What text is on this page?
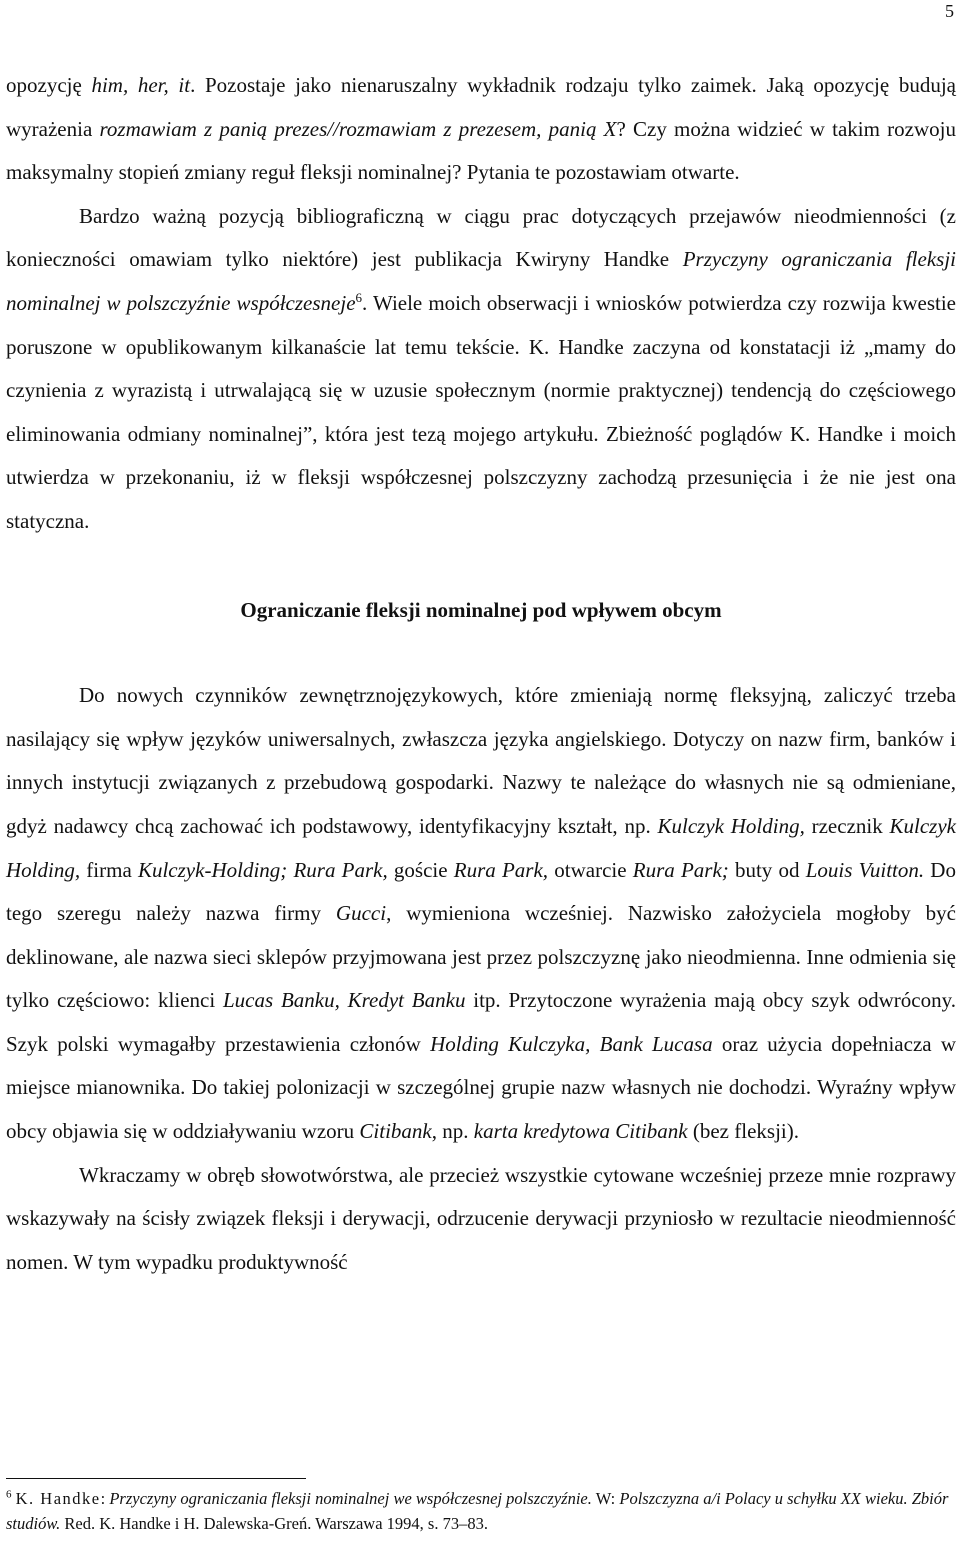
5

opozycję him, her, it. Pozostaje jako nienaruszalny wykładnik rodzaju tylko zaimek. Jaką opozycję budują wyrażenia rozmawiam z panią prezes//rozmawiam z prezesem, panią X? Czy można widzieć w takim rozwoju maksymalny stopień zmiany reguł fleksji nominalnej? Pytania te pozostawiam otwarte.

Bardzo ważną pozycją bibliograficzną w ciągu prac dotyczących przejawów nieodmienności (z konieczności omawiam tylko niektóre) jest publikacja Kwiryny Handke Przyczyny ograniczania fleksji nominalnej w polszczyźnie współczesneje$^6$. Wiele moich obserwacji i wniosków potwierdza czy rozwija kwestie poruszone w opublikowanym kilkanaście lat temu tekście. K. Handke zaczyna od konstatacji iż „mamy do czynienia z wyrazistą i utrwalającą się w uzusie społecznym (normie praktycznej) tendencją do częściowego eliminowania odmiany nominalnej”, która jest tezą mojego artykułu. Zbieżność poglądów K. Handke i moich utwierdza w przekonaniu, iż w fleksji współczesnej polszczyzny zachodzą przesunięcia i że nie jest ona statyczna.

Ograniczanie fleksji nominalnej pod wpływem obcym

Do nowych czynników zewnętrznojęzykowych, które zmieniają normę fleksyjną, zaliczyć trzeba nasilający się wpływ języków uniwersalnych, zwłaszcza języka angielskiego. Dotyczy on nazw firm, banków i innych instytucji związanych z przebudową gospodarki. Nazwy te należące do własnych nie są odmieniane, gdyż nadawcy chcą zachować ich podstawowy, identyfikacyjny kształt, np. Kulczyk Holding, rzecznik Kulczyk Holding, firma Kulczyk-Holding; Rura Park, goście Rura Park, otwarcie Rura Park; buty od Louis Vuitton. Do tego szeregu należy nazwa firmy Gucci, wymieniona wcześniej. Nazwisko założyciela mogłoby być deklinowane, ale nazwa sieci sklepów przyjmowana jest przez polszczyznę jako nieodmienna. Inne odmienia się tylko częściowo: klienci Lucas Banku, Kredyt Banku itp. Przytoczone wyrażenia mają obcy szyk odwrócony. Szyk polski wymagałby przestawienia członów Holding Kulczyka, Bank Lucasa oraz użycia dopełniacza w miejsce mianownika. Do takiej polonizacji w szczególnej grupie nazw własnych nie dochodzi. Wyraźny wpływ obcy objawia się w oddziaływaniu wzoru Citibank, np. karta kredytowa Citibank (bez fleksji).

Wkraczamy w obręb słowotwórstwa, ale przecież wszystkie cytowane wcześniej przeze mnie rozprawy wskazywały na ścisły związek fleksji i derywacji, odrzucenie derywacji przyniosło w rezultacie nieodmienność nomen. W tym wypadku produktywność

$^6$ K. Handke: Przyczyny ograniczania fleksji nominalnej we współczesnej polszczyźnie. W: Polszczyzna a/i Polacy u schyłku XX wieku. Zbiór studiów. Red. K. Handke i H. Dalewska-Greń. Warszawa 1994, s. 73–83.
